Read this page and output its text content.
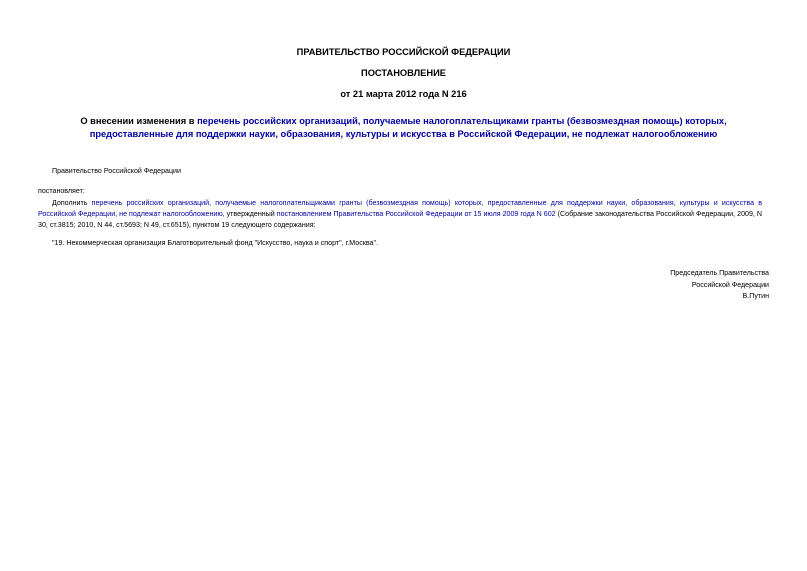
ПРАВИТЕЛЬСТВО РОССИЙСКОЙ ФЕДЕРАЦИИ
ПОСТАНОВЛЕНИЕ
от 21 марта 2012 года N 216
О внесении изменения в перечень российских организаций, получаемые налогоплательщиками гранты (безвозмездная помощь) которых, предоставленные для поддержки науки, образования, культуры и искусства в Российской Федерации, не подлежат налогообложению
Правительство Российской Федерации
постановляет:
Дополнить перечень российских организаций, получаемые налогоплательщиками гранты (безвозмездная помощь) которых, предоставленные для поддержки науки, образования, культуры и искусства в Российской Федерации, не подлежат налогообложению, утвержденный постановлением Правительства Российской Федерации от 15 июля 2009 года N 602 (Собрание законодательства Российской Федерации, 2009, N 30, ст.3815; 2010, N 44, ст.5693; N 49, ст.6515), пунктом 19 следующего содержания:
"19. Некоммерческая организация Благотворительный фонд "Искусство, наука и спорт", г.Москва".
Председатель Правительства
Российской Федерации
В.Путин
